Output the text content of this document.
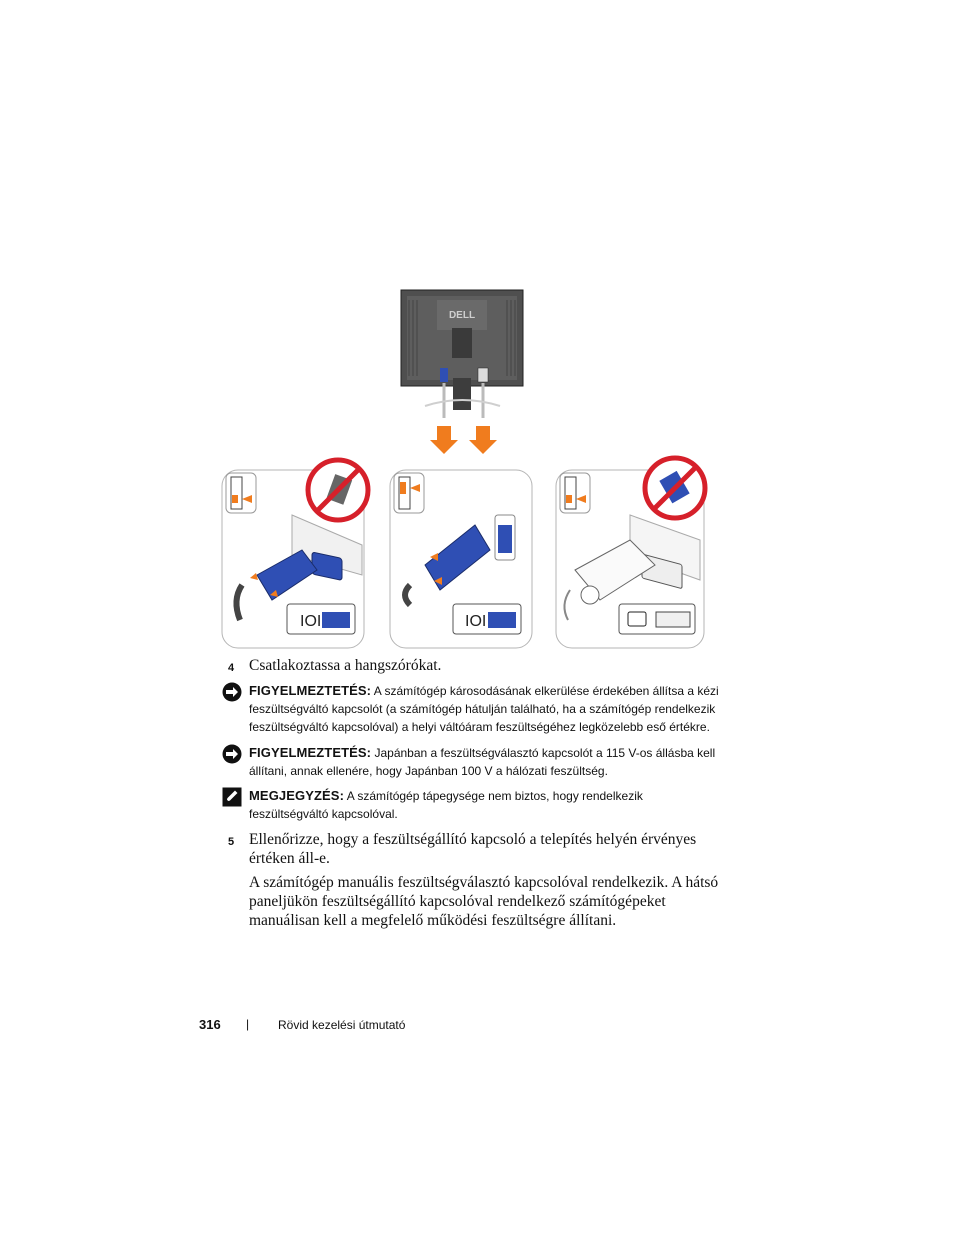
DELL
IOI	IOI
4 Csatlakoztassa a hangszórókat.
FIGYELMEZTETÉS: A számítógép károsodásának elkerülése érdekében állítsa a kézi feszültségváltó kapcsolót (a számítógép hátulján található, ha a számítógép rendelkezik feszültségváltó kapcsolóval) a helyi váltóáram feszültségéhez legközelebb eső értékre.
FIGYELMEZTETÉS: Japánban a feszültségválasztó kapcsolót a 115 V-os állásba kell állítani, annak ellenére, hogy Japánban 100 V a hálózati feszültség.
MEGJEGYZÉS: A számítógép tápegysége nem biztos, hogy rendelkezik feszültségváltó kapcsolóval.
5 Ellenőrizze, hogy a feszültségállító kapcsoló a telepítés helyén érvényes értéken áll-e.
A számítógép manuális feszültségválasztó kapcsolóval rendelkezik. A hátsó paneljükön feszültségállító kapcsolóval rendelkező számítógépeket manuálisan kell a megfelelő működési feszültségre állítani.
316 | Rövid kezelési útmutató
